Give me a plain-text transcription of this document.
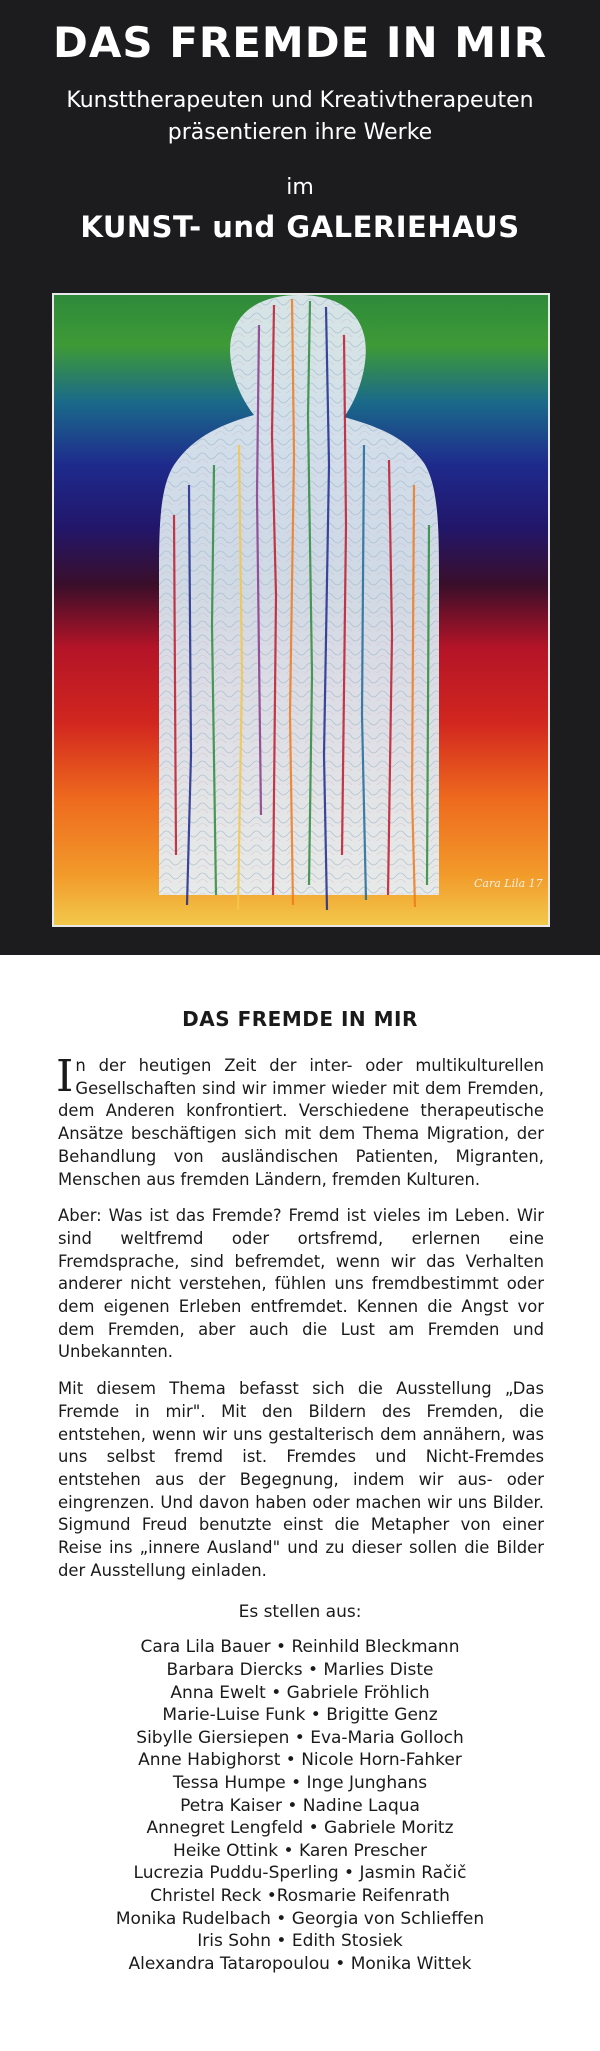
DAS FREMDE IN MIR
Kunsttherapeuten und Kreativtherapeuten
präsentieren ihre Werke
im
KUNST- und GALERIEHAUS
Cara Lila 17
DAS FREMDE IN MIR

In der heutigen Zeit der inter- oder multikulturellen Gesellschaften sind wir immer wieder mit dem Fremden, dem Anderen konfrontiert. Verschiedene therapeutische Ansätze beschäftigen sich mit dem Thema Migration, der Behandlung von ausländischen Patienten, Migranten, Menschen aus fremden Ländern, fremden Kulturen.

Aber: Was ist das Fremde? Fremd ist vieles im Leben. Wir sind weltfremd oder ortsfremd, erlernen eine Fremdsprache, sind befremdet, wenn wir das Verhalten anderer nicht verstehen, fühlen uns fremdbestimmt oder dem eigenen Erleben entfremdet. Kennen die Angst vor dem Fremden, aber auch die Lust am Fremden und Unbekannten.

Mit diesem Thema befasst sich die Ausstellung „Das Fremde in mir". Mit den Bildern des Fremden, die entstehen, wenn wir uns gestalterisch dem annähern, was uns selbst fremd ist. Fremdes und Nicht-Fremdes entstehen aus der Begegnung, indem wir aus- oder eingrenzen. Und davon haben oder machen wir uns Bilder. Sigmund Freud benutzte einst die Metapher von einer Reise ins „innere Ausland" und zu dieser sollen die Bilder der Ausstellung einladen.

Es stellen aus:
Cara Lila Bauer • Reinhild Bleckmann
Barbara Diercks • Marlies Diste
Anna Ewelt • Gabriele Fröhlich
Marie-Luise Funk • Brigitte Genz
Sibylle Giersiepen • Eva-Maria Golloch
Anne Habighorst • Nicole Horn-Fahker
Tessa Humpe • Inge Junghans
Petra Kaiser • Nadine Laqua
Annegret Lengfeld • Gabriele Moritz
Heike Ottink • Karen Prescher
Lucrezia Puddu-Sperling • Jasmin Račič
Christel Reck •Rosmarie Reifenrath
Monika Rudelbach • Georgia von Schlieffen
Iris Sohn • Edith Stosiek
Alexandra Tataropoulou • Monika Wittek
